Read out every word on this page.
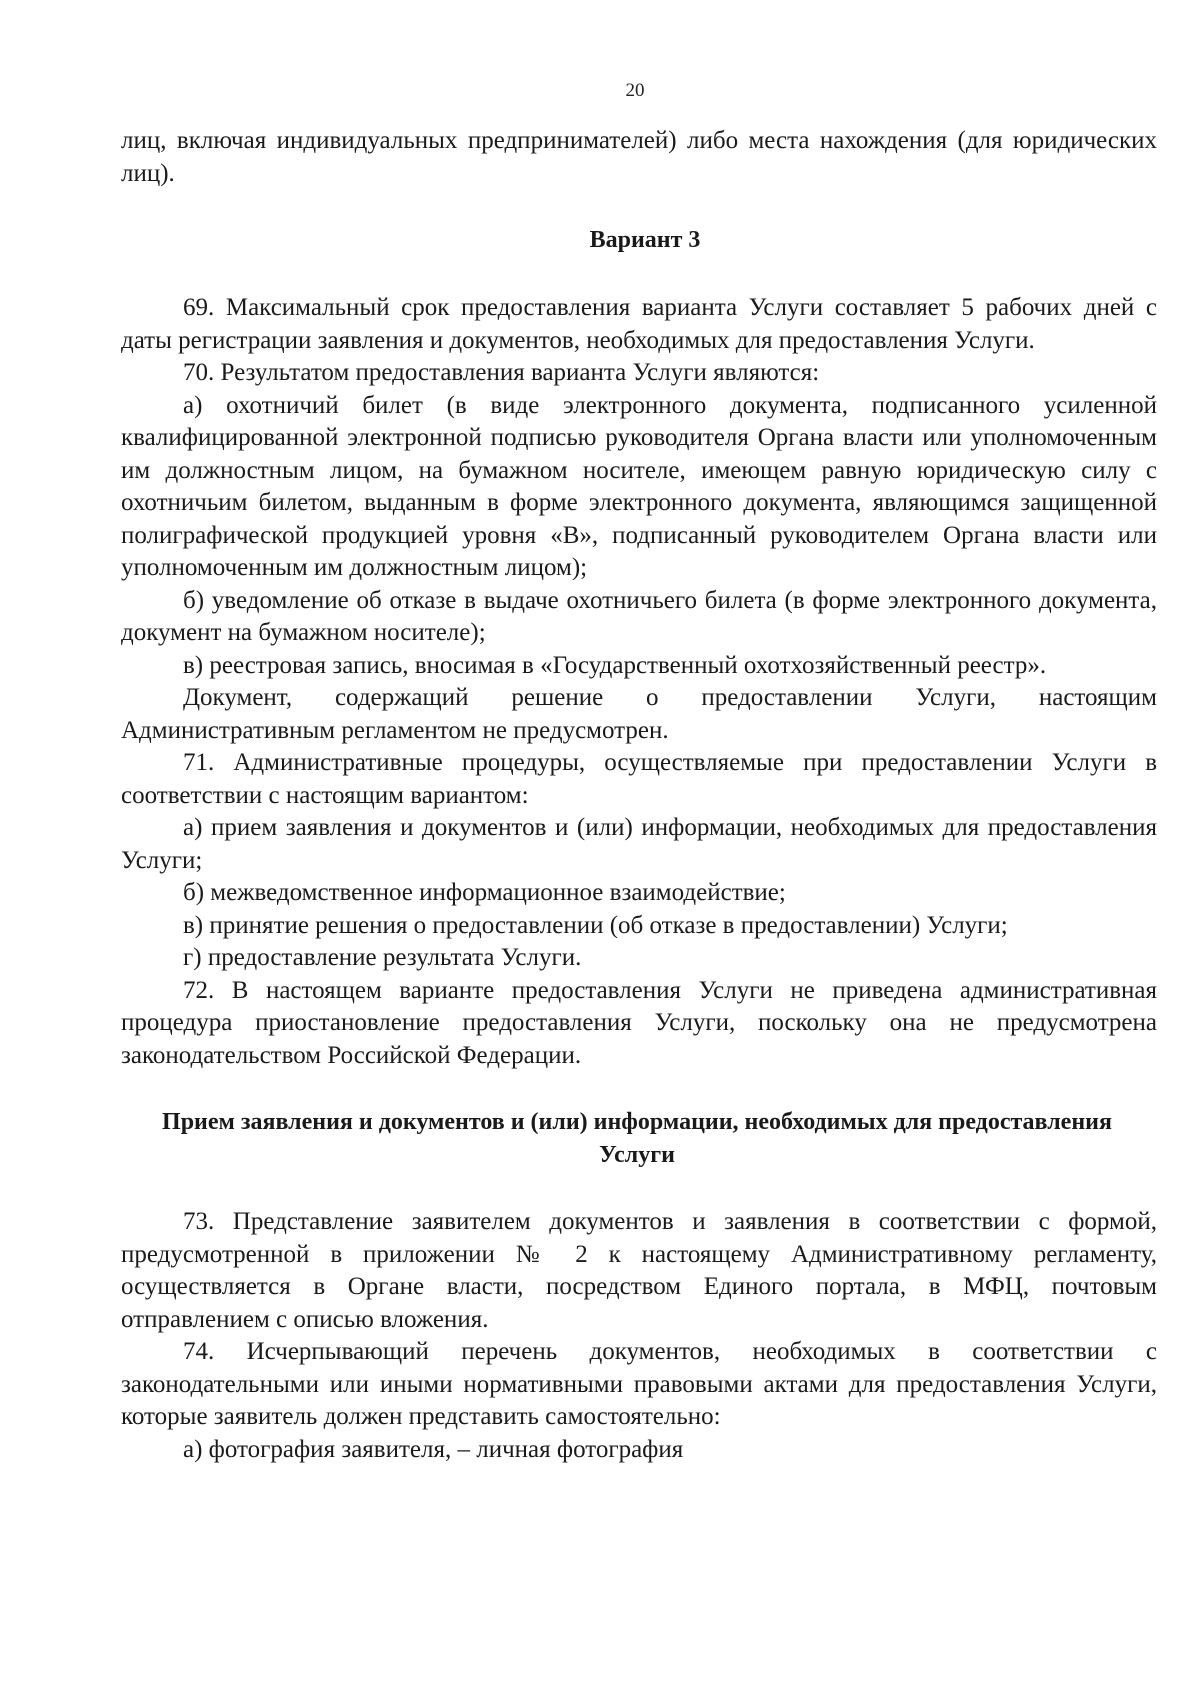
20

лиц, включая индивидуальных предпринимателей) либо места нахождения (для юридических лиц).

Вариант 3

69. Максимальный срок предоставления варианта Услуги составляет 5 рабочих дней с даты регистрации заявления и документов, необходимых для предоставления Услуги.

70. Результатом предоставления варианта Услуги являются:

а) охотничий билет (в виде электронного документа, подписанного усиленной квалифицированной электронной подписью руководителя Органа власти или уполномоченным им должностным лицом, на бумажном носителе, имеющем равную юридическую силу с охотничьим билетом, выданным в форме электронного документа, являющимся защищенной полиграфической продукцией уровня «В», подписанный руководителем Органа власти или уполномоченным им должностным лицом);

б) уведомление об отказе в выдаче охотничьего билета (в форме электронного документа, документ на бумажном носителе);

в) реестровая запись, вносимая в «Государственный охотхозяйственный реестр».

Документ, содержащий решение о предоставлении Услуги, настоящим Административным регламентом не предусмотрен.

71. Административные процедуры, осуществляемые при предоставлении Услуги в соответствии с настоящим вариантом:

а) прием заявления и документов и (или) информации, необходимых для предоставления Услуги;

б) межведомственное информационное взаимодействие;

в) принятие решения о предоставлении (об отказе в предоставлении) Услуги;

г) предоставление результата Услуги.

72. В настоящем варианте предоставления Услуги не приведена административная процедура приостановление предоставления Услуги, поскольку она не предусмотрена законодательством Российской Федерации.

Прием заявления и документов и (или) информации, необходимых для предоставления Услуги

73. Представление заявителем документов и заявления в соответствии с формой, предусмотренной в приложении № 2 к настоящему Административному регламенту, осуществляется в Органе власти, посредством Единого портала, в МФЦ, почтовым отправлением с описью вложения.

74. Исчерпывающий перечень документов, необходимых в соответствии с законодательными или иными нормативными правовыми актами для предоставления Услуги, которые заявитель должен представить самостоятельно:

а) фотография заявителя, – личная фотография
